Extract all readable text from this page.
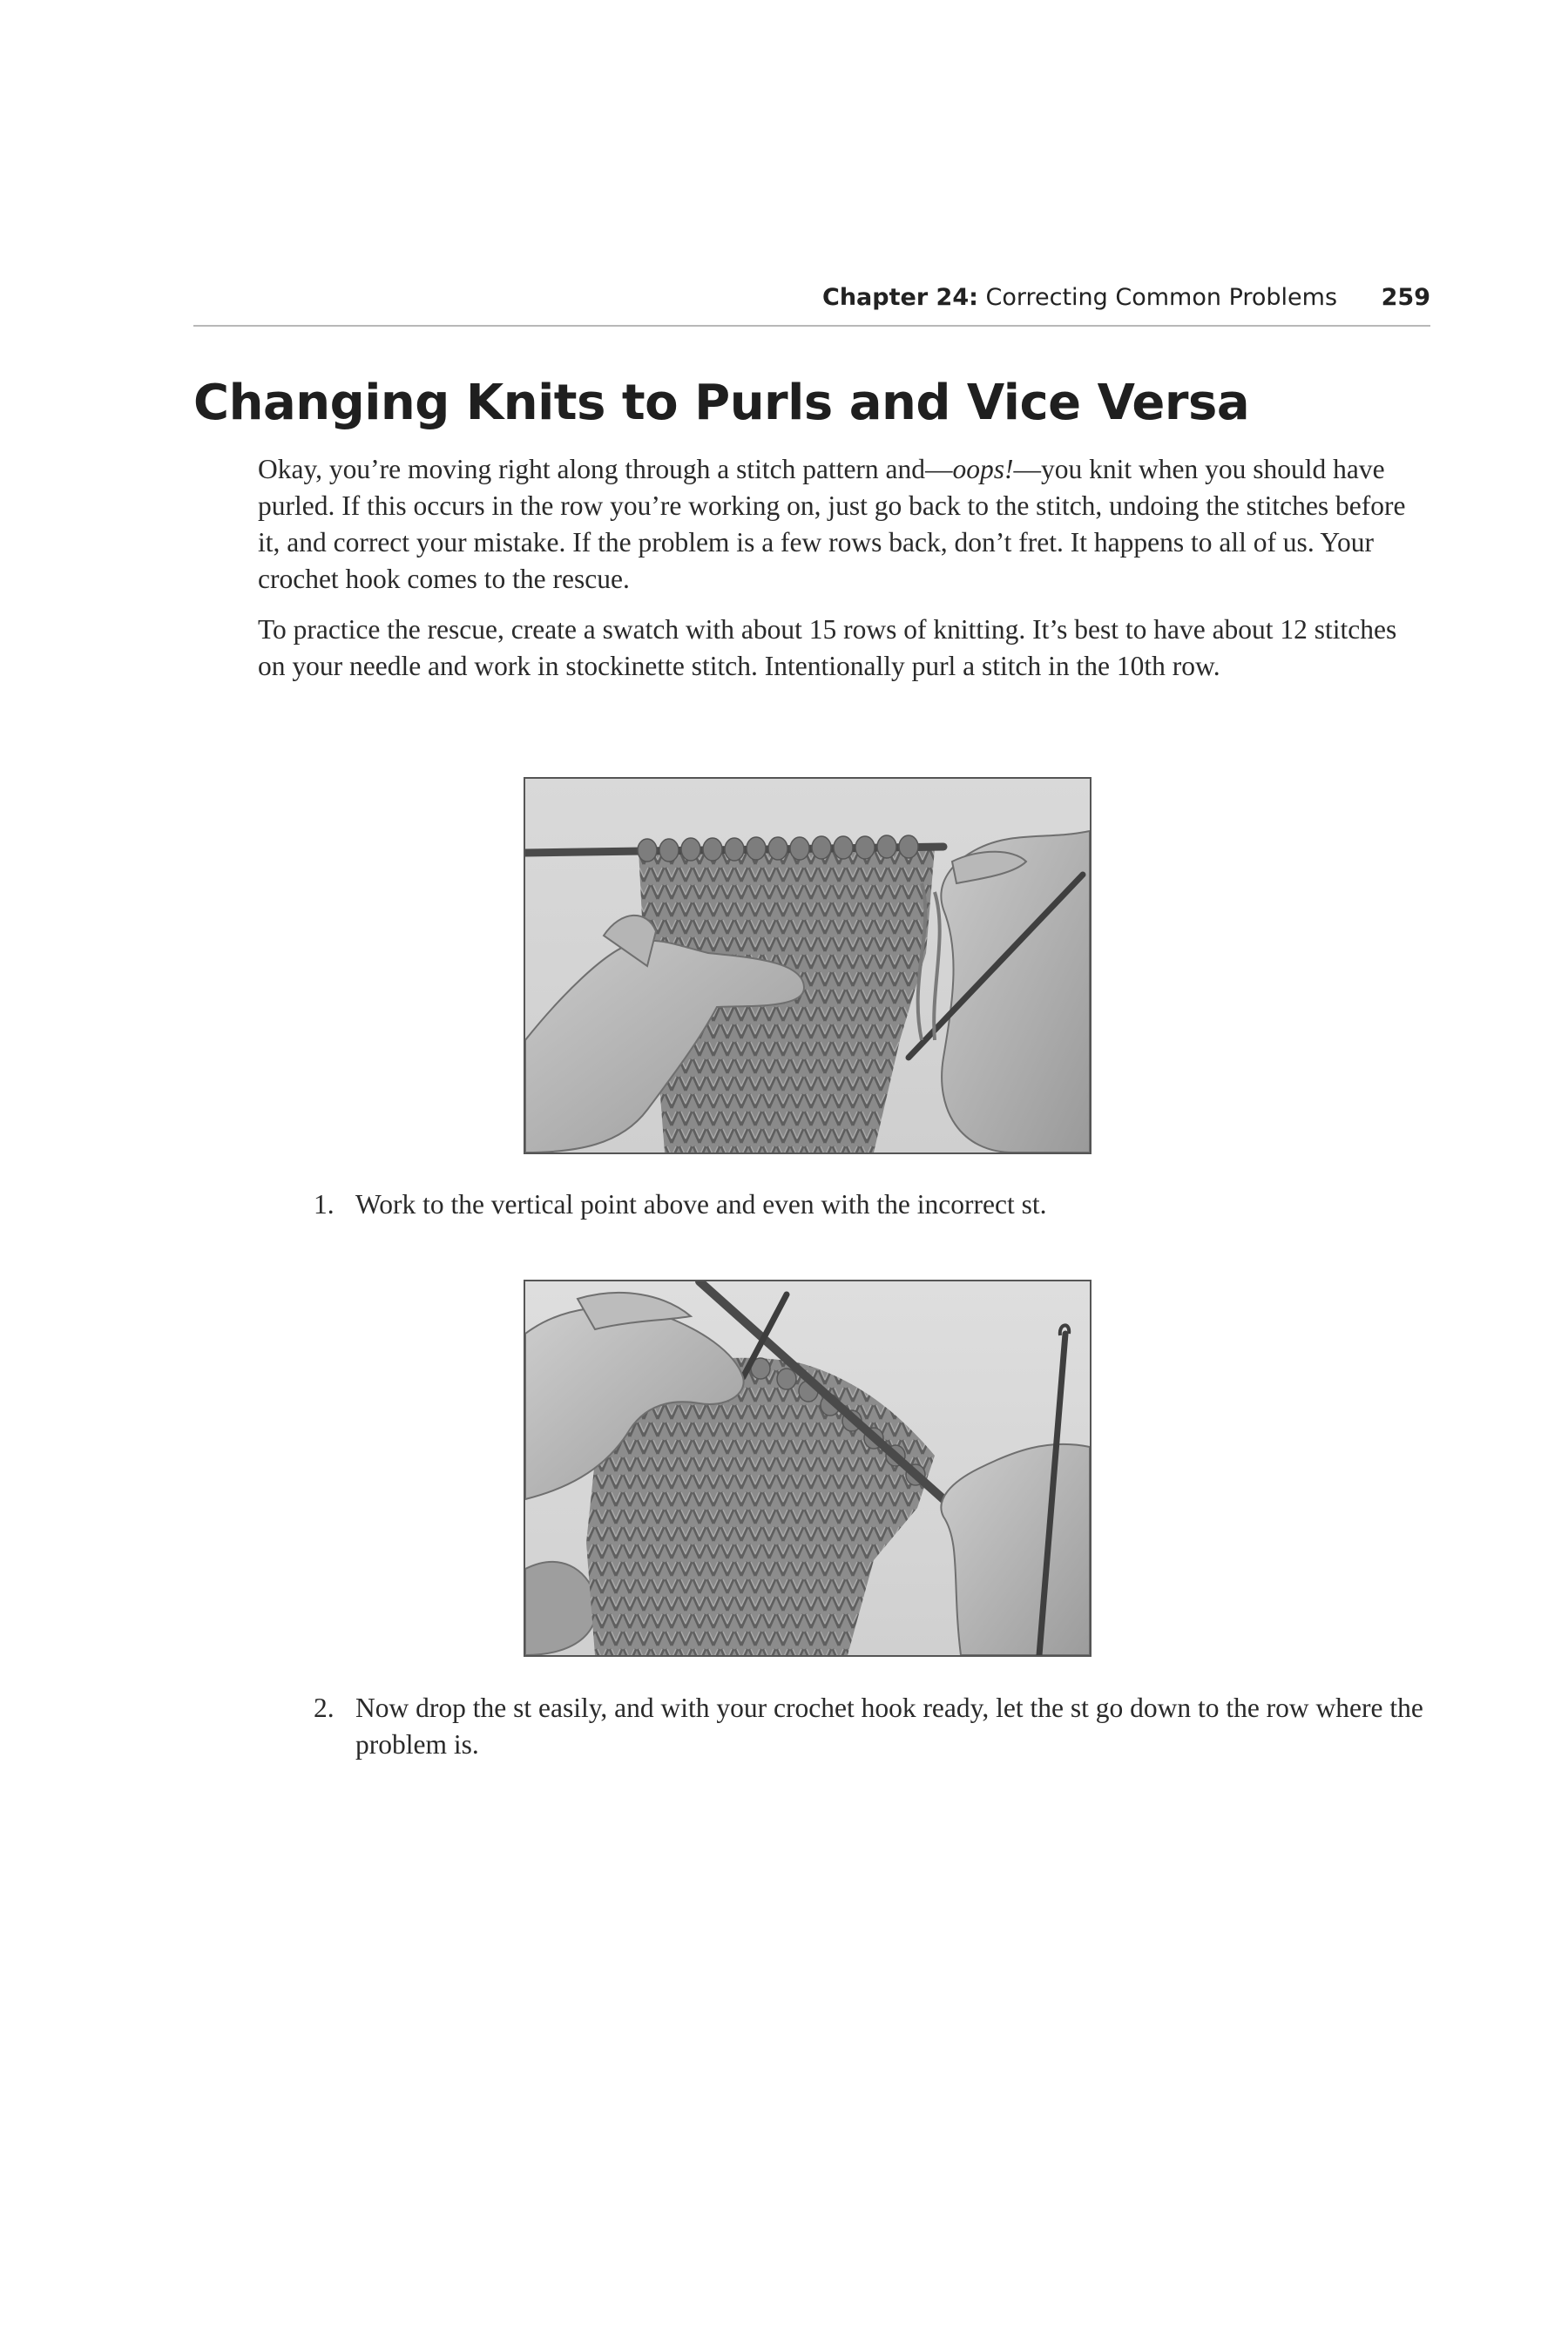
Chapter 24: Correcting Common Problems 259
Changing Knits to Purls and Vice Versa

Okay, you’re moving right along through a stitch pattern and—oops!—you knit when you should have purled. If this occurs in the row you’re working on, just go back to the stitch, undoing the stitches before it, and correct your mistake. If the problem is a few rows back, don’t fret. It happens to all of us. Your crochet hook comes to the rescue.

To practice the rescue, create a swatch with about 15 rows of knitting. It’s best to have about 12 stitches on your needle and work in stockinette stitch. Intentionally purl a stitch in the 10th row.

1. Work to the vertical point above and even with the incorrect st.

2. Now drop the st easily, and with your crochet hook ready, let the st go down to the row where the problem is.
